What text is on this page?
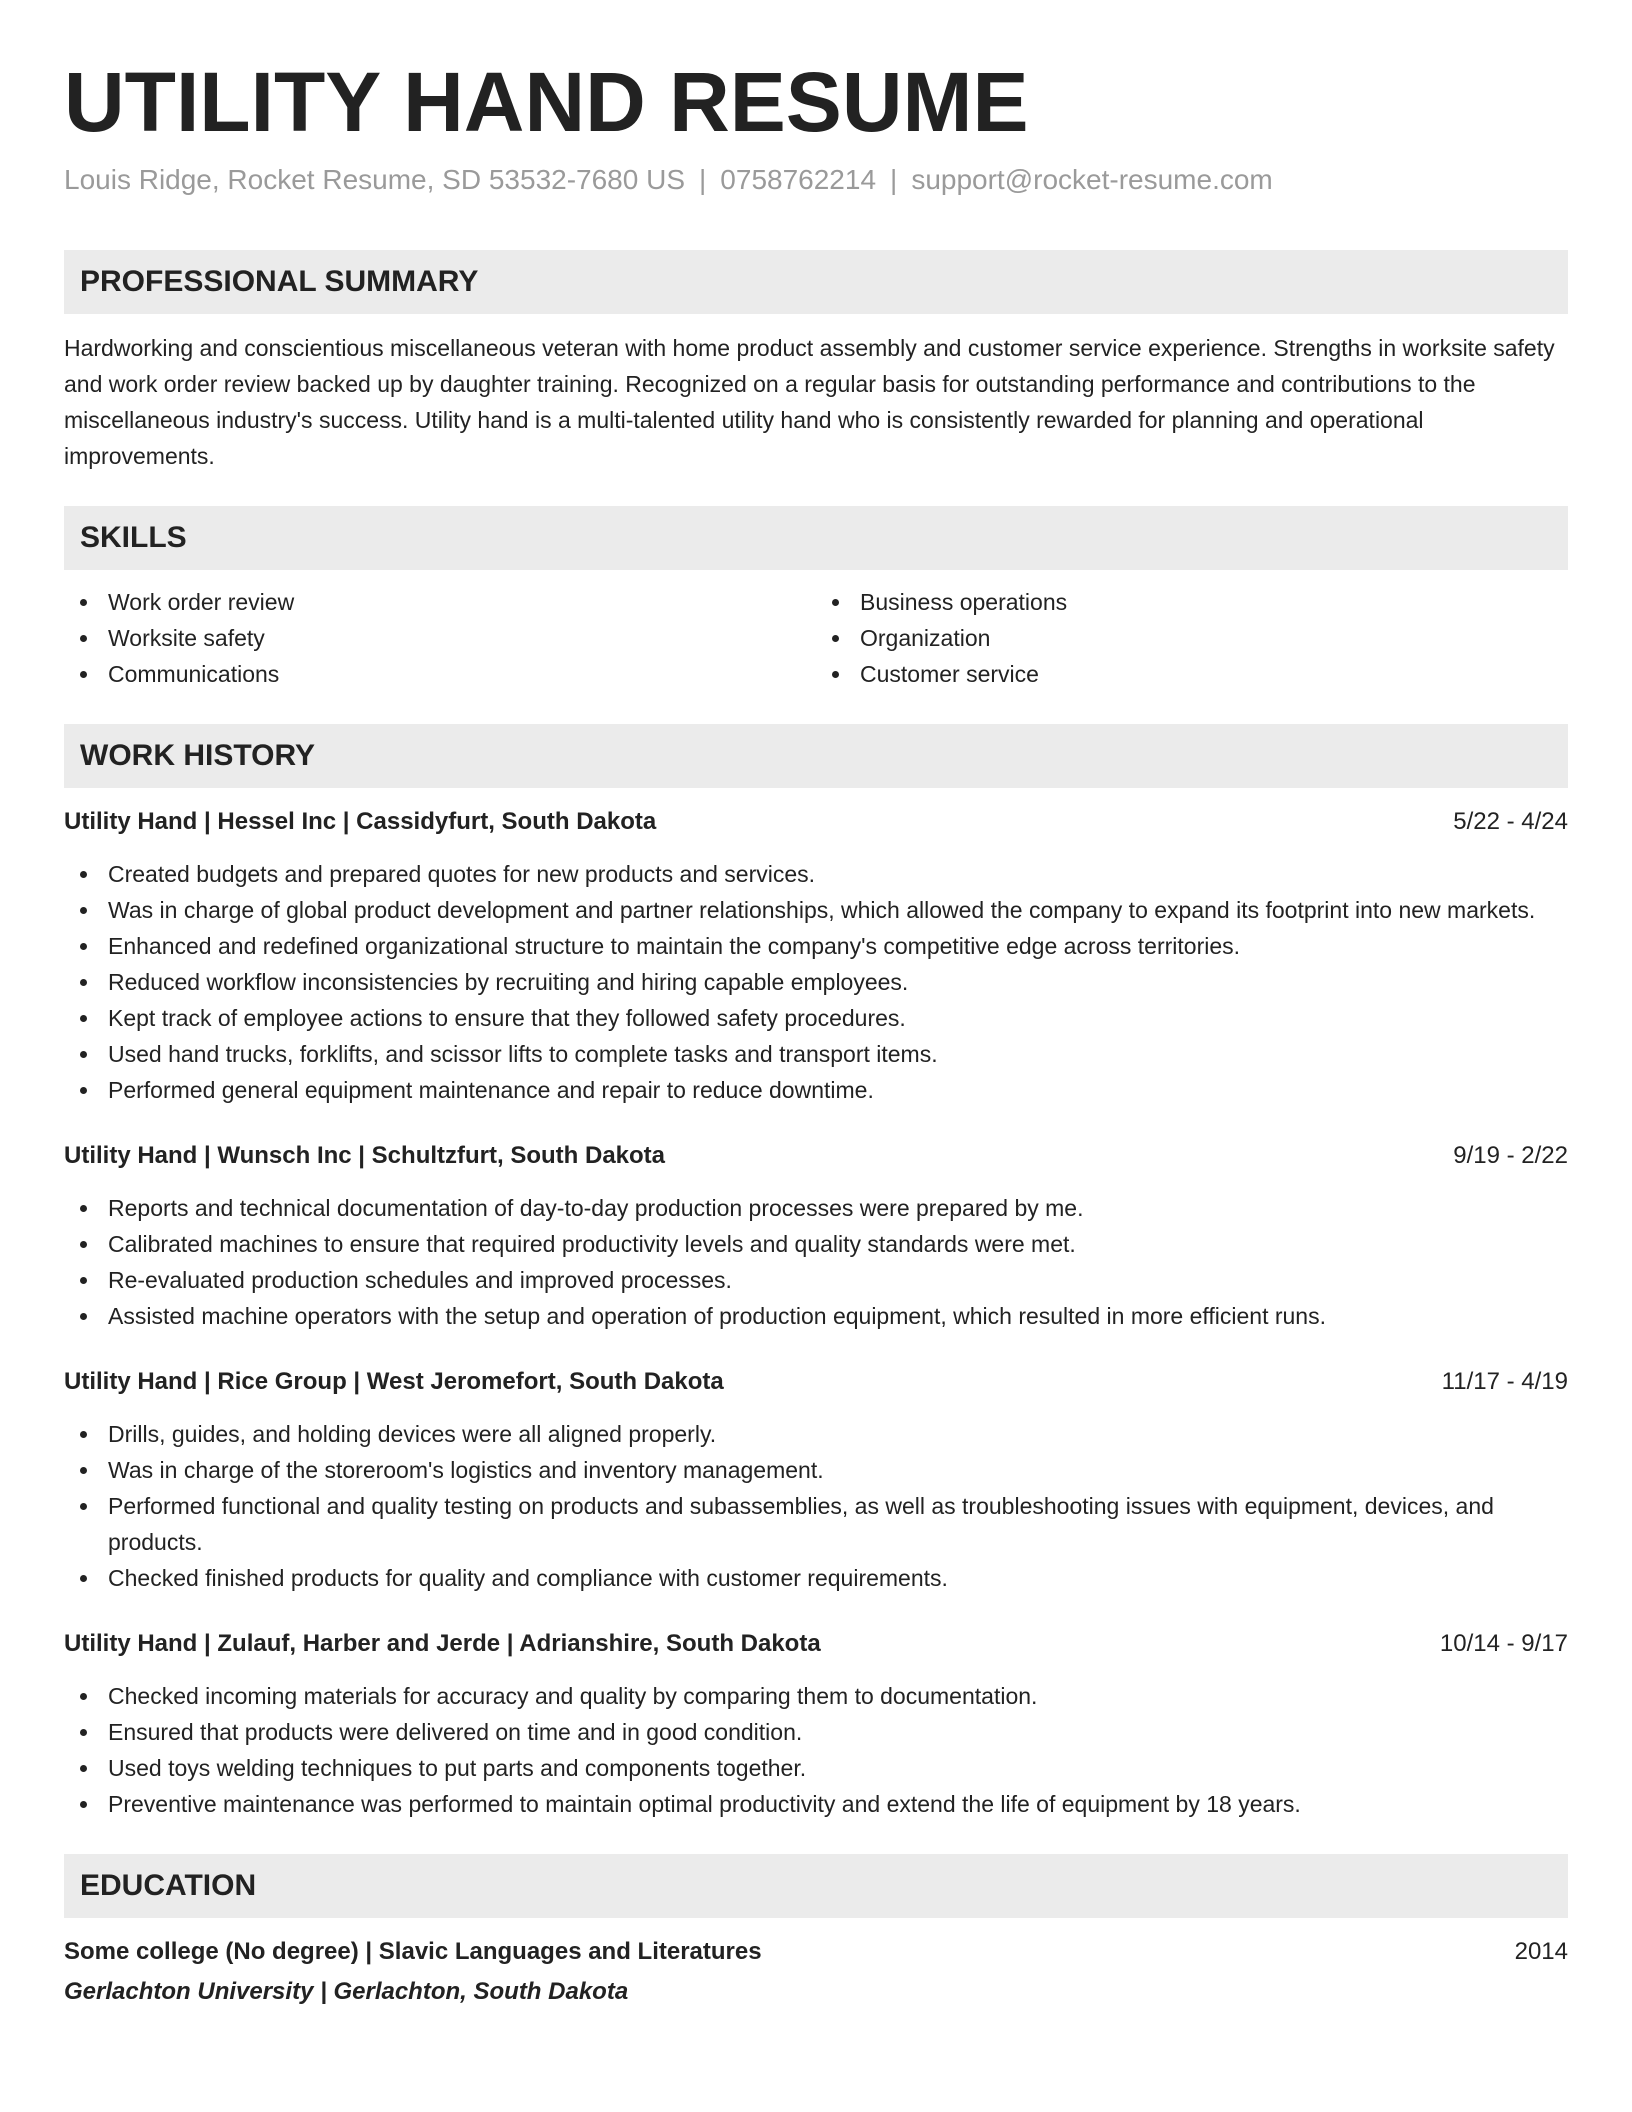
UTILITY HAND RESUME
Louis Ridge, Rocket Resume, SD 53532-7680 US | 0758762214 | support@rocket-resume.com
PROFESSIONAL SUMMARY
Hardworking and conscientious miscellaneous veteran with home product assembly and customer service experience. Strengths in worksite safety and work order review backed up by daughter training. Recognized on a regular basis for outstanding performance and contributions to the miscellaneous industry's success. Utility hand is a multi-talented utility hand who is consistently rewarded for planning and operational improvements.
SKILLS
Work order review
Worksite safety
Communications
Business operations
Organization
Customer service
WORK HISTORY
Utility Hand | Hessel Inc | Cassidyfurt, South Dakota	5/22 - 4/24
Created budgets and prepared quotes for new products and services.
Was in charge of global product development and partner relationships, which allowed the company to expand its footprint into new markets.
Enhanced and redefined organizational structure to maintain the company's competitive edge across territories.
Reduced workflow inconsistencies by recruiting and hiring capable employees.
Kept track of employee actions to ensure that they followed safety procedures.
Used hand trucks, forklifts, and scissor lifts to complete tasks and transport items.
Performed general equipment maintenance and repair to reduce downtime.
Utility Hand | Wunsch Inc | Schultzfurt, South Dakota	9/19 - 2/22
Reports and technical documentation of day-to-day production processes were prepared by me.
Calibrated machines to ensure that required productivity levels and quality standards were met.
Re-evaluated production schedules and improved processes.
Assisted machine operators with the setup and operation of production equipment, which resulted in more efficient runs.
Utility Hand | Rice Group | West Jeromefort, South Dakota	11/17 - 4/19
Drills, guides, and holding devices were all aligned properly.
Was in charge of the storeroom's logistics and inventory management.
Performed functional and quality testing on products and subassemblies, as well as troubleshooting issues with equipment, devices, and products.
Checked finished products for quality and compliance with customer requirements.
Utility Hand | Zulauf, Harber and Jerde | Adrianshire, South Dakota	10/14 - 9/17
Checked incoming materials for accuracy and quality by comparing them to documentation.
Ensured that products were delivered on time and in good condition.
Used toys welding techniques to put parts and components together.
Preventive maintenance was performed to maintain optimal productivity and extend the life of equipment by 18 years.
EDUCATION
Some college (No degree) | Slavic Languages and Literatures	2014
Gerlachton University | Gerlachton, South Dakota
